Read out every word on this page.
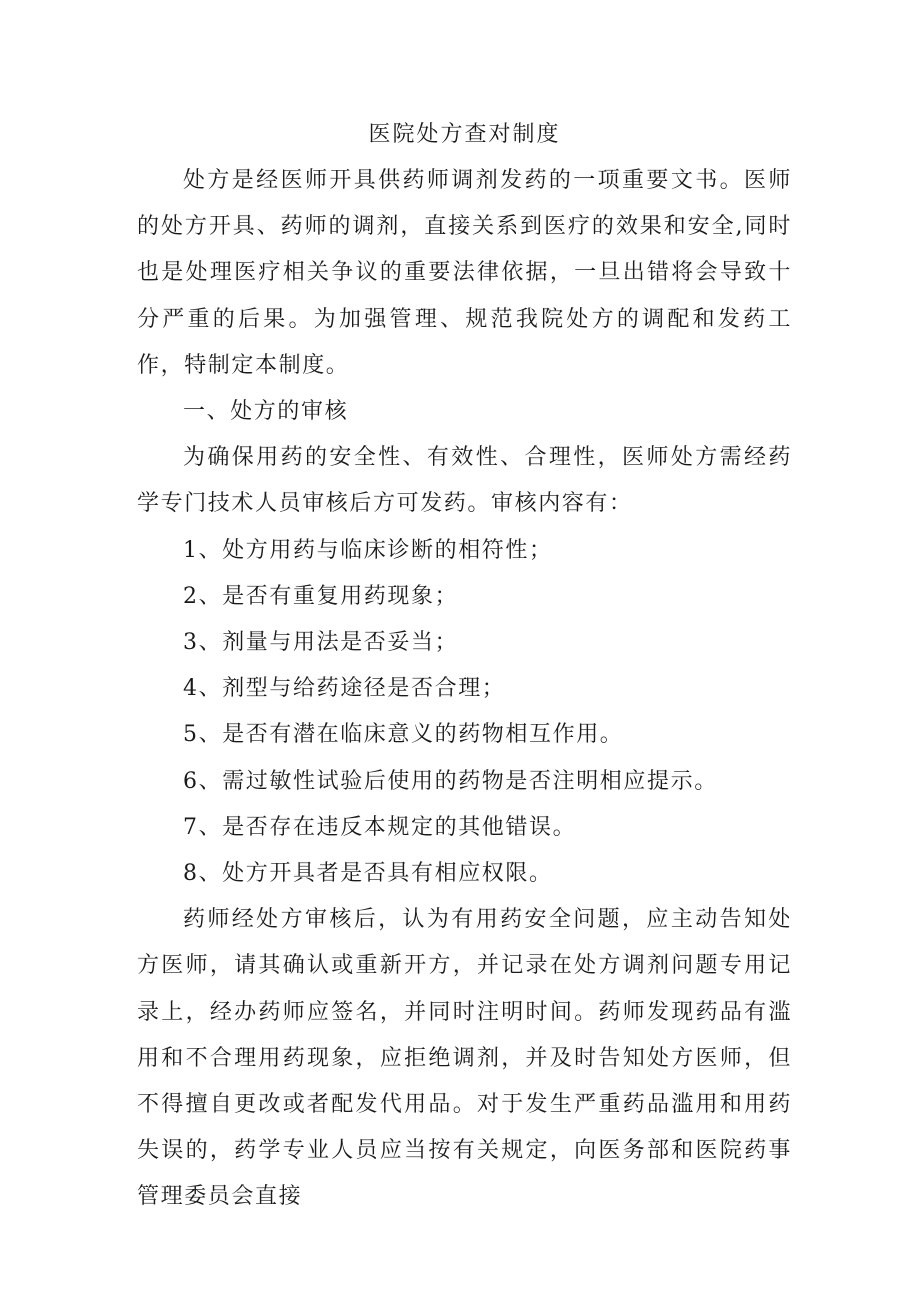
医院处方查对制度

处方是经医师开具供药师调剂发药的一项重要文书。医师的处方开具、药师的调剂，直接关系到医疗的效果和安全,同时也是处理医疗相关争议的重要法律依据，一旦出错将会导致十分严重的后果。为加强管理、规范我院处方的调配和发药工作，特制定本制度。

一、处方的审核

为确保用药的安全性、有效性、合理性，医师处方需经药学专门技术人员审核后方可发药。审核内容有：

1、处方用药与临床诊断的相符性；

2、是否有重复用药现象；

3、剂量与用法是否妥当；

4、剂型与给药途径是否合理；

5、是否有潜在临床意义的药物相互作用。

6、需过敏性试验后使用的药物是否注明相应提示。

7、是否存在违反本规定的其他错误。

8、处方开具者是否具有相应权限。

药师经处方审核后，认为有用药安全问题，应主动告知处方医师，请其确认或重新开方，并记录在处方调剂问题专用记录上，经办药师应签名，并同时注明时间。药师发现药品有滥用和不合理用药现象，应拒绝调剂，并及时告知处方医师，但不得擅自更改或者配发代用品。对于发生严重药品滥用和用药失误的，药学专业人员应当按有关规定，向医务部和医院药事管理委员会直接
